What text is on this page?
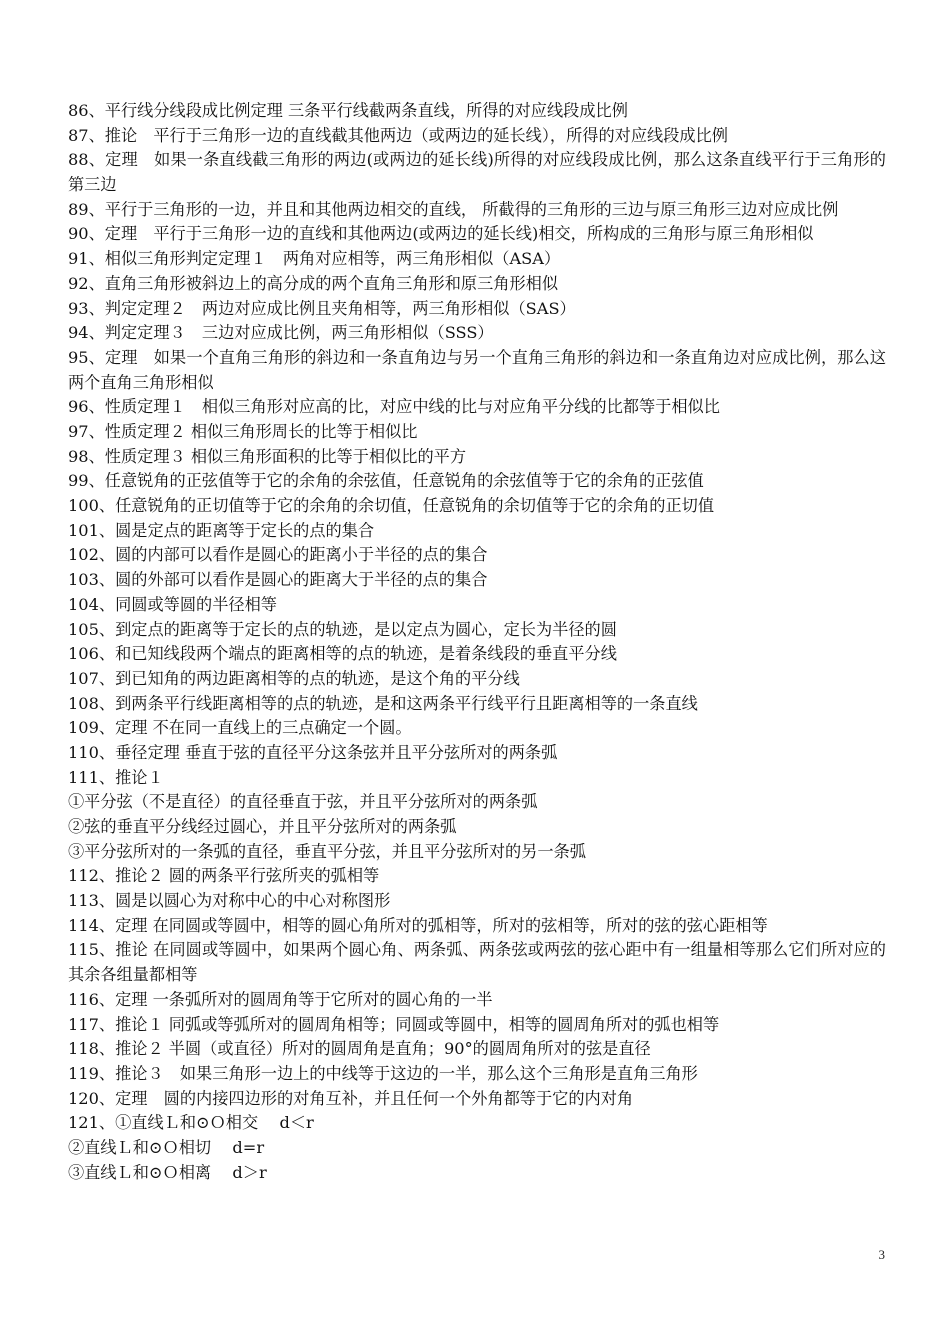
86、平行线分线段成比例定理 三条平行线截两条直线，所得的对应线段成比例
87、推论　平行于三角形一边的直线截其他两边（或两边的延长线），所得的对应线段成比例
88、定理　如果一条直线截三角形的两边(或两边的延长线)所得的对应线段成比例，那么这条直线平行于三角形的第三边
89、平行于三角形的一边，并且和其他两边相交的直线， 所截得的三角形的三边与原三角形三边对应成比例
90、定理　平行于三角形一边的直线和其他两边(或两边的延长线)相交，所构成的三角形与原三角形相似
91、相似三角形判定定理１　两角对应相等，两三角形相似（ASA）
92、直角三角形被斜边上的高分成的两个直角三角形和原三角形相似
93、判定定理２　两边对应成比例且夹角相等，两三角形相似（SAS）
94、判定定理３　三边对应成比例，两三角形相似（SSS）
95、定理　如果一个直角三角形的斜边和一条直角边与另一个直角三角形的斜边和一条直角边对应成比例，那么这两个直角三角形相似
96、性质定理１　相似三角形对应高的比，对应中线的比与对应角平分线的比都等于相似比
97、性质定理２ 相似三角形周长的比等于相似比
98、性质定理３ 相似三角形面积的比等于相似比的平方
99、任意锐角的正弦值等于它的余角的余弦值，任意锐角的余弦值等于它的余角的正弦值
100、任意锐角的正切值等于它的余角的余切值，任意锐角的余切值等于它的余角的正切值
101、圆是定点的距离等于定长的点的集合
102、圆的内部可以看作是圆心的距离小于半径的点的集合
103、圆的外部可以看作是圆心的距离大于半径的点的集合
104、同圆或等圆的半径相等
105、到定点的距离等于定长的点的轨迹，是以定点为圆心，定长为半径的圆
106、和已知线段两个端点的距离相等的点的轨迹，是着条线段的垂直平分线
107、到已知角的两边距离相等的点的轨迹，是这个角的平分线
108、到两条平行线距离相等的点的轨迹，是和这两条平行线平行且距离相等的一条直线
109、定理 不在同一直线上的三点确定一个圆。
110、垂径定理 垂直于弦的直径平分这条弦并且平分弦所对的两条弧
111、推论１
①平分弦（不是直径）的直径垂直于弦，并且平分弦所对的两条弧
②弦的垂直平分线经过圆心，并且平分弦所对的两条弧
③平分弦所对的一条弧的直径，垂直平分弦，并且平分弦所对的另一条弧
112、推论２ 圆的两条平行弦所夹的弧相等
113、圆是以圆心为对称中心的中心对称图形
114、定理 在同圆或等圆中，相等的圆心角所对的弧相等，所对的弦相等，所对的弦的弦心距相等
115、推论 在同圆或等圆中，如果两个圆心角、两条弧、两条弦或两弦的弦心距中有一组量相等那么它们所对应的其余各组量都相等
116、定理 一条弧所对的圆周角等于它所对的圆心角的一半
117、推论１ 同弧或等弧所对的圆周角相等；同圆或等圆中，相等的圆周角所对的弧也相等
118、推论２ 半圆（或直径）所对的圆周角是直角；90°的圆周角所对的弦是直径
119、推论３　如果三角形一边上的中线等于这边的一半，那么这个三角形是直角三角形
120、定理　圆的内接四边形的对角互补，并且任何一个外角都等于它的内对角
121、①直线Ｌ和⊙Ｏ相交　 d＜r
②直线Ｌ和⊙Ｏ相切　 d=r
③直线Ｌ和⊙Ｏ相离　 d＞r
3
